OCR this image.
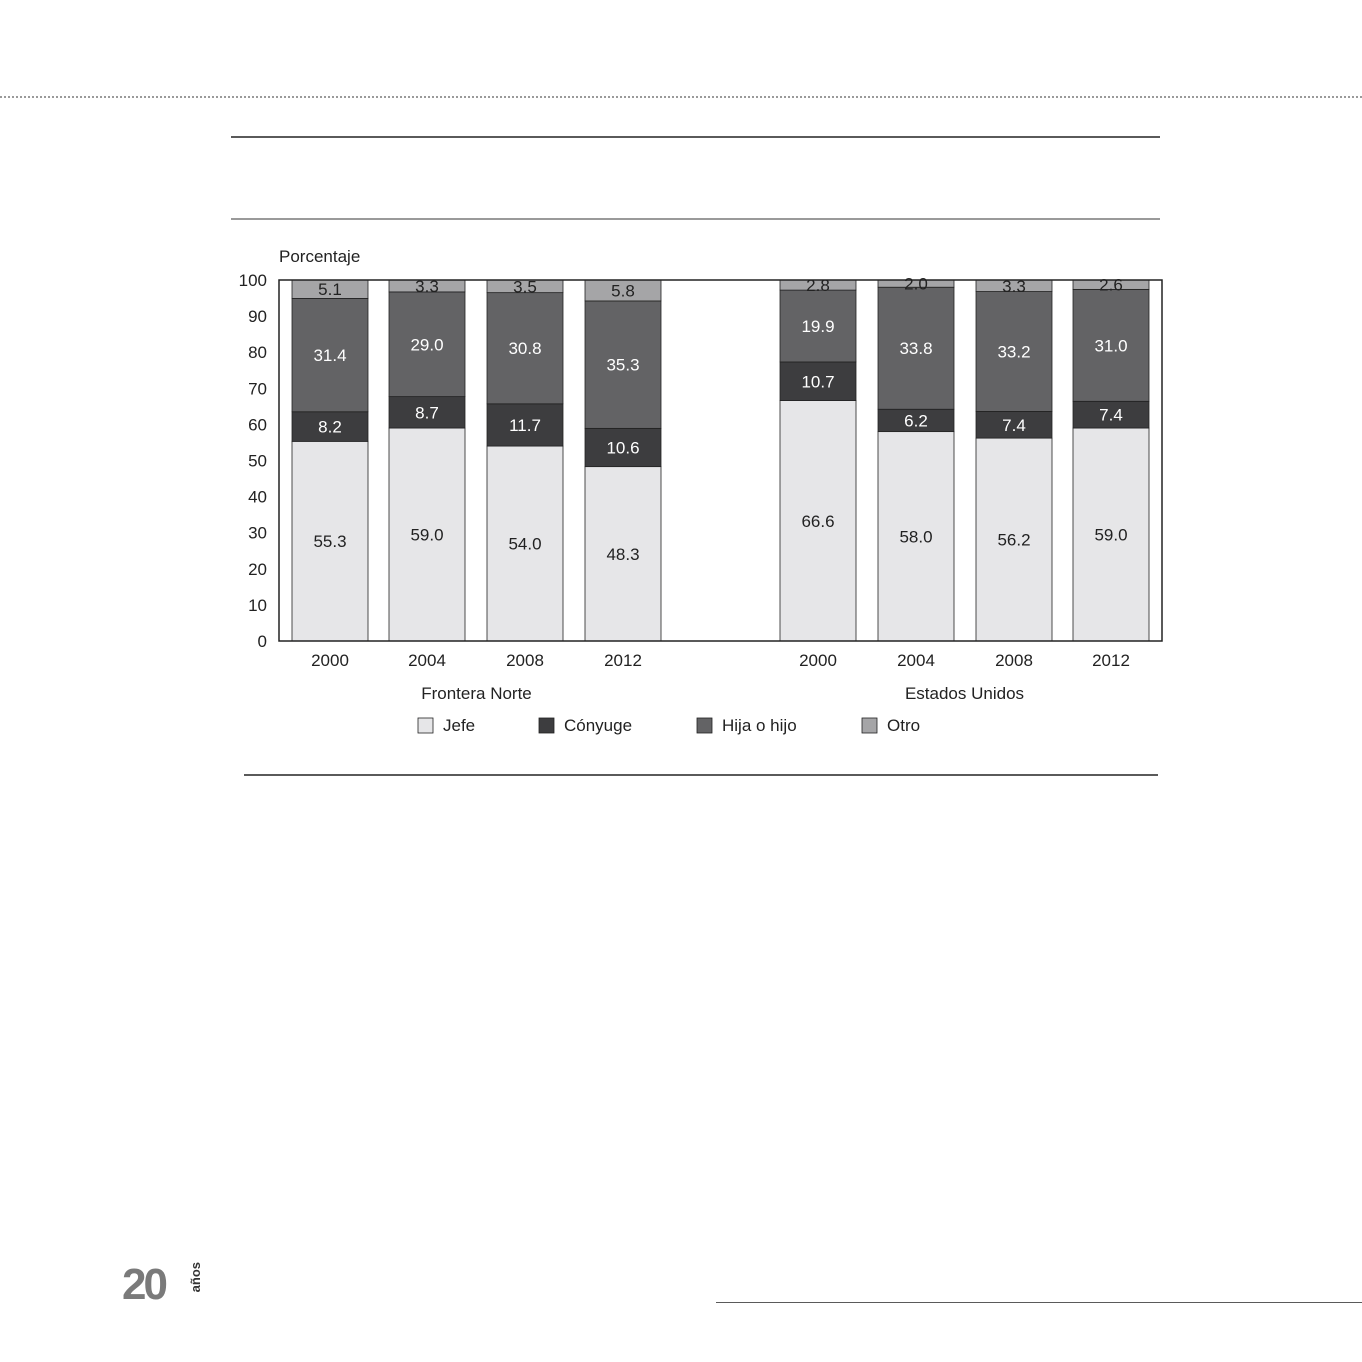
55.3
8.2
31.4
5.1
59.0
8.7
29.0
3.3
54.0
11.7
30.8
3.5
48.3
10.6
35.3
5.8
66.6
10.7
19.9
2.8
58.0
6.2
33.8
2.0
56.2
7.4
33.2
3.3
59.0
7.4
31.0
2.6
0
10
20
30
40
50
60
70
80
90
100
2000	2004	2008	2012	2000	2004	2008	2012
Frontera Norte	Estados Unidos
Jefe	Cónyuge	Hija o hijo	Otro
Porcentaje
20 años
